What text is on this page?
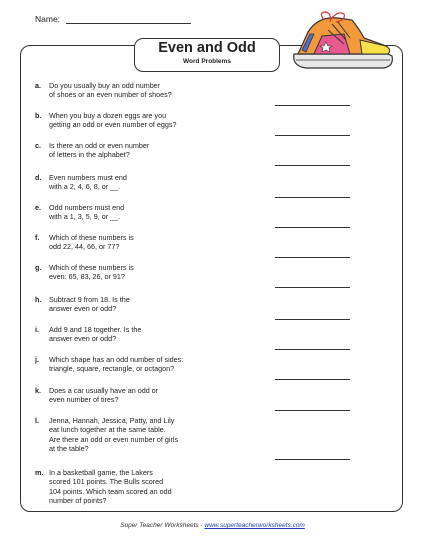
Name:
Even and Odd
Word Problems
a. Do you usually buy an odd number
of shoes or an even number of shoes?
b. When you buy a dozen eggs are you
getting an odd or even number of eggs?
c. Is there an odd or even number
of letters in the alphabet?
d. Even numbers must end
with a 2, 4, 6, 8, or __.
e. Odd numbers must end
with a 1, 3, 5, 9, or __.
f. Which of these numbers is
odd 22, 44, 66, or 77?
g. Which of these numbers is
even: 65, 83, 26, or 91?
h. Subtract 9 from 18. Is the
answer even or odd?
i. Add 9 and 18 together. Is the
answer even or odd?
j. Which shape has an odd number of sides:
triangle, square, rectangle, or octagon?
k. Does a car usually have an odd or
even number of tires?
l. Jenna, Hannah, Jessica, Patty, and Lily
eat lunch together at the same table.
Are there an odd or even number of girls
at the table?
m. In a basketball game, the Lakers
scored 101 points. The Bulls scored
104 points. Which team scored an odd
number of points?
Super Teacher Worksheets - www.superteacherworksheets.com
